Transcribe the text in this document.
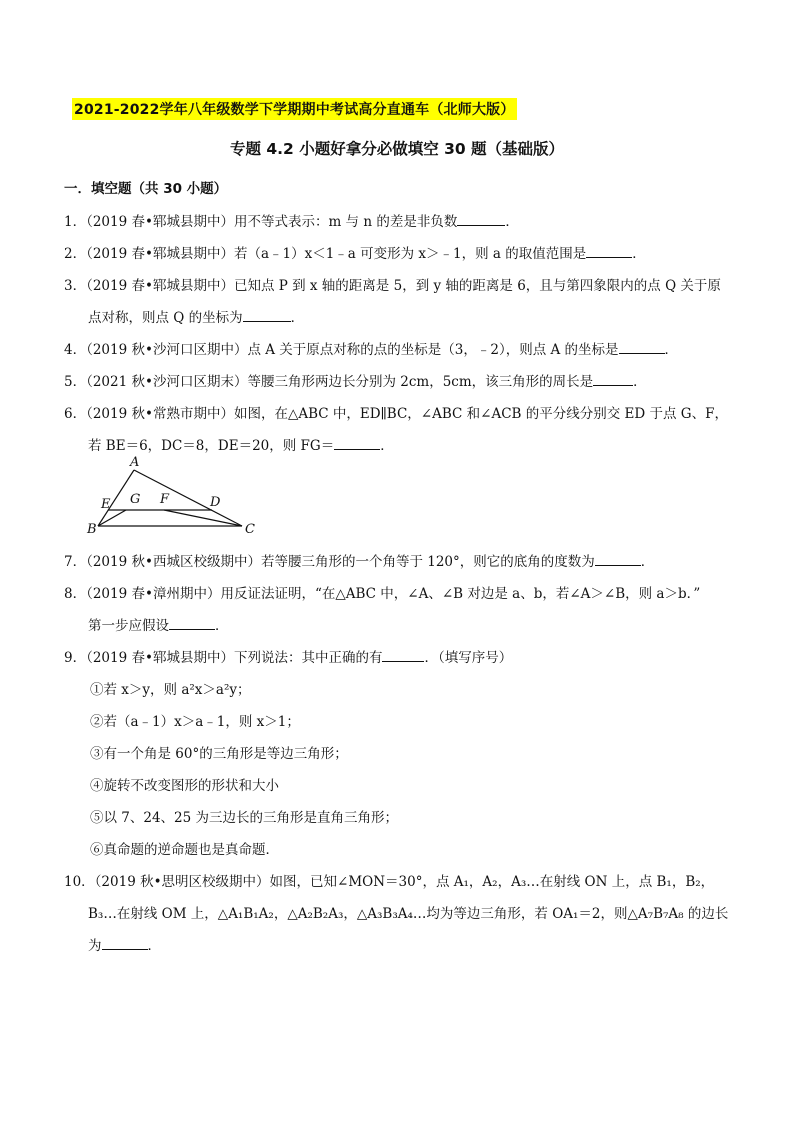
2021-2022学年八年级数学下学期期中考试高分直通车（北师大版）
专题 4.2 小题好拿分必做填空 30 题（基础版）
一．填空题（共 30 小题）
1．（2019 春•郓城县期中）用不等式表示：m 与 n 的差是非负数	．
2．（2019 春•郓城县期中）若（a﹣1）x＜1﹣a 可变形为 x＞﹣1，则 a 的取值范围是	．
3．（2019 春•郓城县期中）已知点 P 到 x 轴的距离是 5，到 y 轴的距离是 6，且与第四象限内的点 Q 关于原
点对称，则点 Q 的坐标为	．
4．（2019 秋•沙河口区期中）点 A 关于原点对称的点的坐标是（3，﹣2），则点 A 的坐标是	．
5．（2021 秋•沙河口区期末）等腰三角形两边长分别为 2cm，5cm，该三角形的周长是	．
6．（2019 秋•常熟市期中）如图，在△ABC 中，ED∥BC，∠ABC 和∠ACB 的平分线分别交 ED 于点 G、F，
若 BE＝6，DC＝8，DE＝20，则 FG＝	．
A
B	C
D
E	F
G
7．（2019 秋•西城区校级期中）若等腰三角形的一个角等于 120°，则它的底角的度数为	．
8．（2019 春•漳州期中）用反证法证明，“在△ABC 中，∠A、∠B 对边是 a、b，若∠A＞∠B，则 a＞b．”
第一步应假设	．
9．（2019 春•郓城县期中）下列说法：其中正确的有	．（填写序号）
①若 x＞y，则 a²x＞a²y；
②若（a﹣1）x＞a﹣1，则 x＞1；
③有一个角是 60°的三角形是等边三角形；
④旋转不改变图形的形状和大小
⑤以 7、24、25 为三边长的三角形是直角三角形；
⑥真命题的逆命题也是真命题．
10．（2019 秋•思明区校级期中）如图，已知∠MON＝30°，点 A₁，A₂，A₃…在射线 ON 上，点 B₁，B₂，
B₃…在射线 OM 上，△A₁B₁A₂，△A₂B₂A₃，△A₃B₃A₄…均为等边三角形，若 OA₁＝2，则△A₇B₇A₈ 的边长
为	．
